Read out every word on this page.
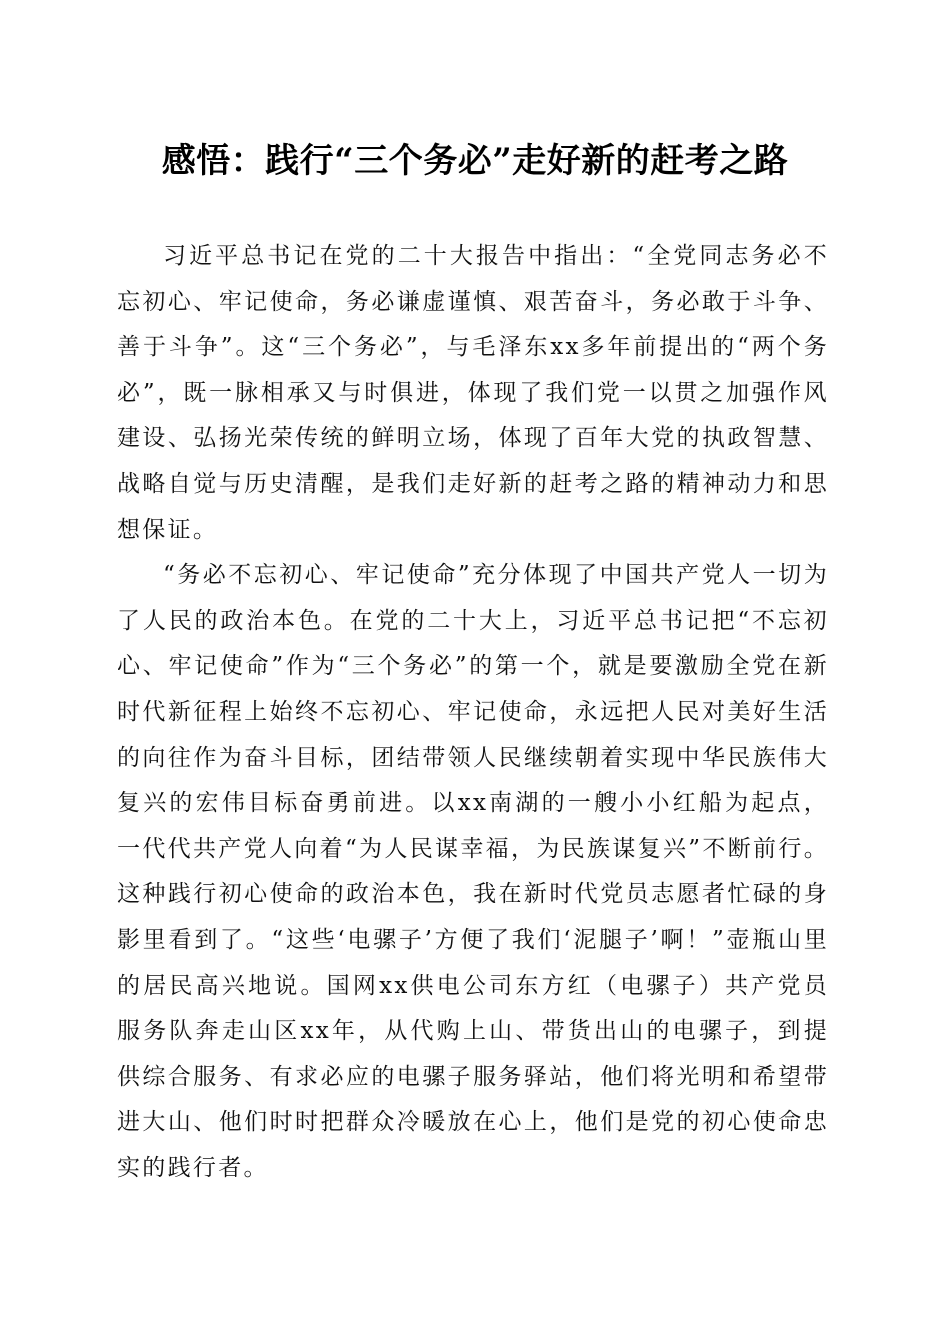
感悟：践行“三个务必”走好新的赶考之路

习近平总书记在党的二十大报告中指出：“全党同志务必不忘初心、牢记使命，务必谦虚谨慎、艰苦奋斗，务必敢于斗争、善于斗争”。这“三个务必”，与毛泽东xx多年前提出的“两个务必”，既一脉相承又与时俱进，体现了我们党一以贯之加强作风建设、弘扬光荣传统的鲜明立场，体现了百年大党的执政智慧、战略自觉与历史清醒，是我们走好新的赶考之路的精神动力和思想保证。

“务必不忘初心、牢记使命”充分体现了中国共产党人一切为了人民的政治本色。在党的二十大上，习近平总书记把“不忘初心、牢记使命”作为“三个务必”的第一个，就是要激励全党在新时代新征程上始终不忘初心、牢记使命，永远把人民对美好生活的向往作为奋斗目标，团结带领人民继续朝着实现中华民族伟大复兴的宏伟目标奋勇前进。以xx南湖的一艘小小红船为起点，一代代共产党人向着“为人民谋幸福，为民族谋复兴”不断前行。这种践行初心使命的政治本色，我在新时代党员志愿者忙碌的身影里看到了。“这些‘电骡子’方便了我们‘泥腿子’啊！”壶瓶山里的居民高兴地说。国网xx供电公司东方红（电骡子）共产党员服务队奔走山区xx年，从代购上山、带货出山的电骡子，到提供综合服务、有求必应的电骡子服务驿站，他们将光明和希望带进大山、他们时时把群众冷暖放在心上，他们是党的初心使命忠实的践行者。
